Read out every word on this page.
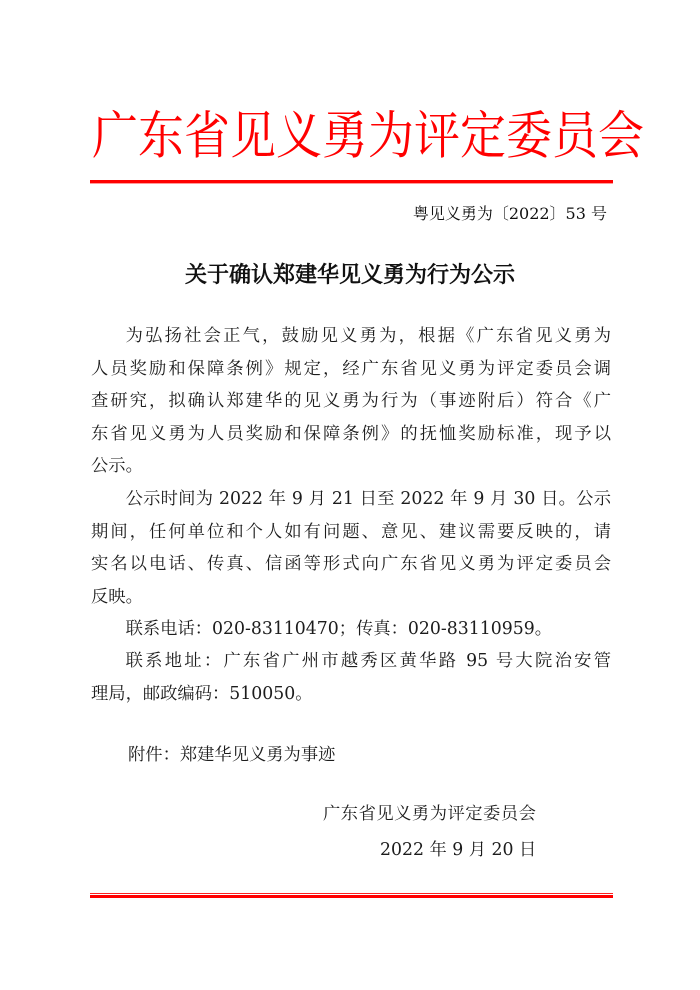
广东省见义勇为评定委员会
粤见义勇为〔2022〕53 号
关于确认郑建华见义勇为行为公示
为弘扬社会正气，鼓励见义勇为，根据《广东省见义勇为
人员奖励和保障条例》规定，经广东省见义勇为评定委员会调
查研究，拟确认郑建华的见义勇为行为（事迹附后）符合《广
东省见义勇为人员奖励和保障条例》的抚恤奖励标准，现予以
公示。
公示时间为 2022 年 9 月 21 日至 2022 年 9 月 30 日。公示
期间，任何单位和个人如有问题、意见、建议需要反映的，请
实名以电话、传真、信函等形式向广东省见义勇为评定委员会
反映。
联系电话：020-83110470；传真：020-83110959。
联系地址：广东省广州市越秀区黄华路 95 号大院治安管
理局，邮政编码：510050。
附件：郑建华见义勇为事迹
广东省见义勇为评定委员会
2022 年 9 月 20 日
